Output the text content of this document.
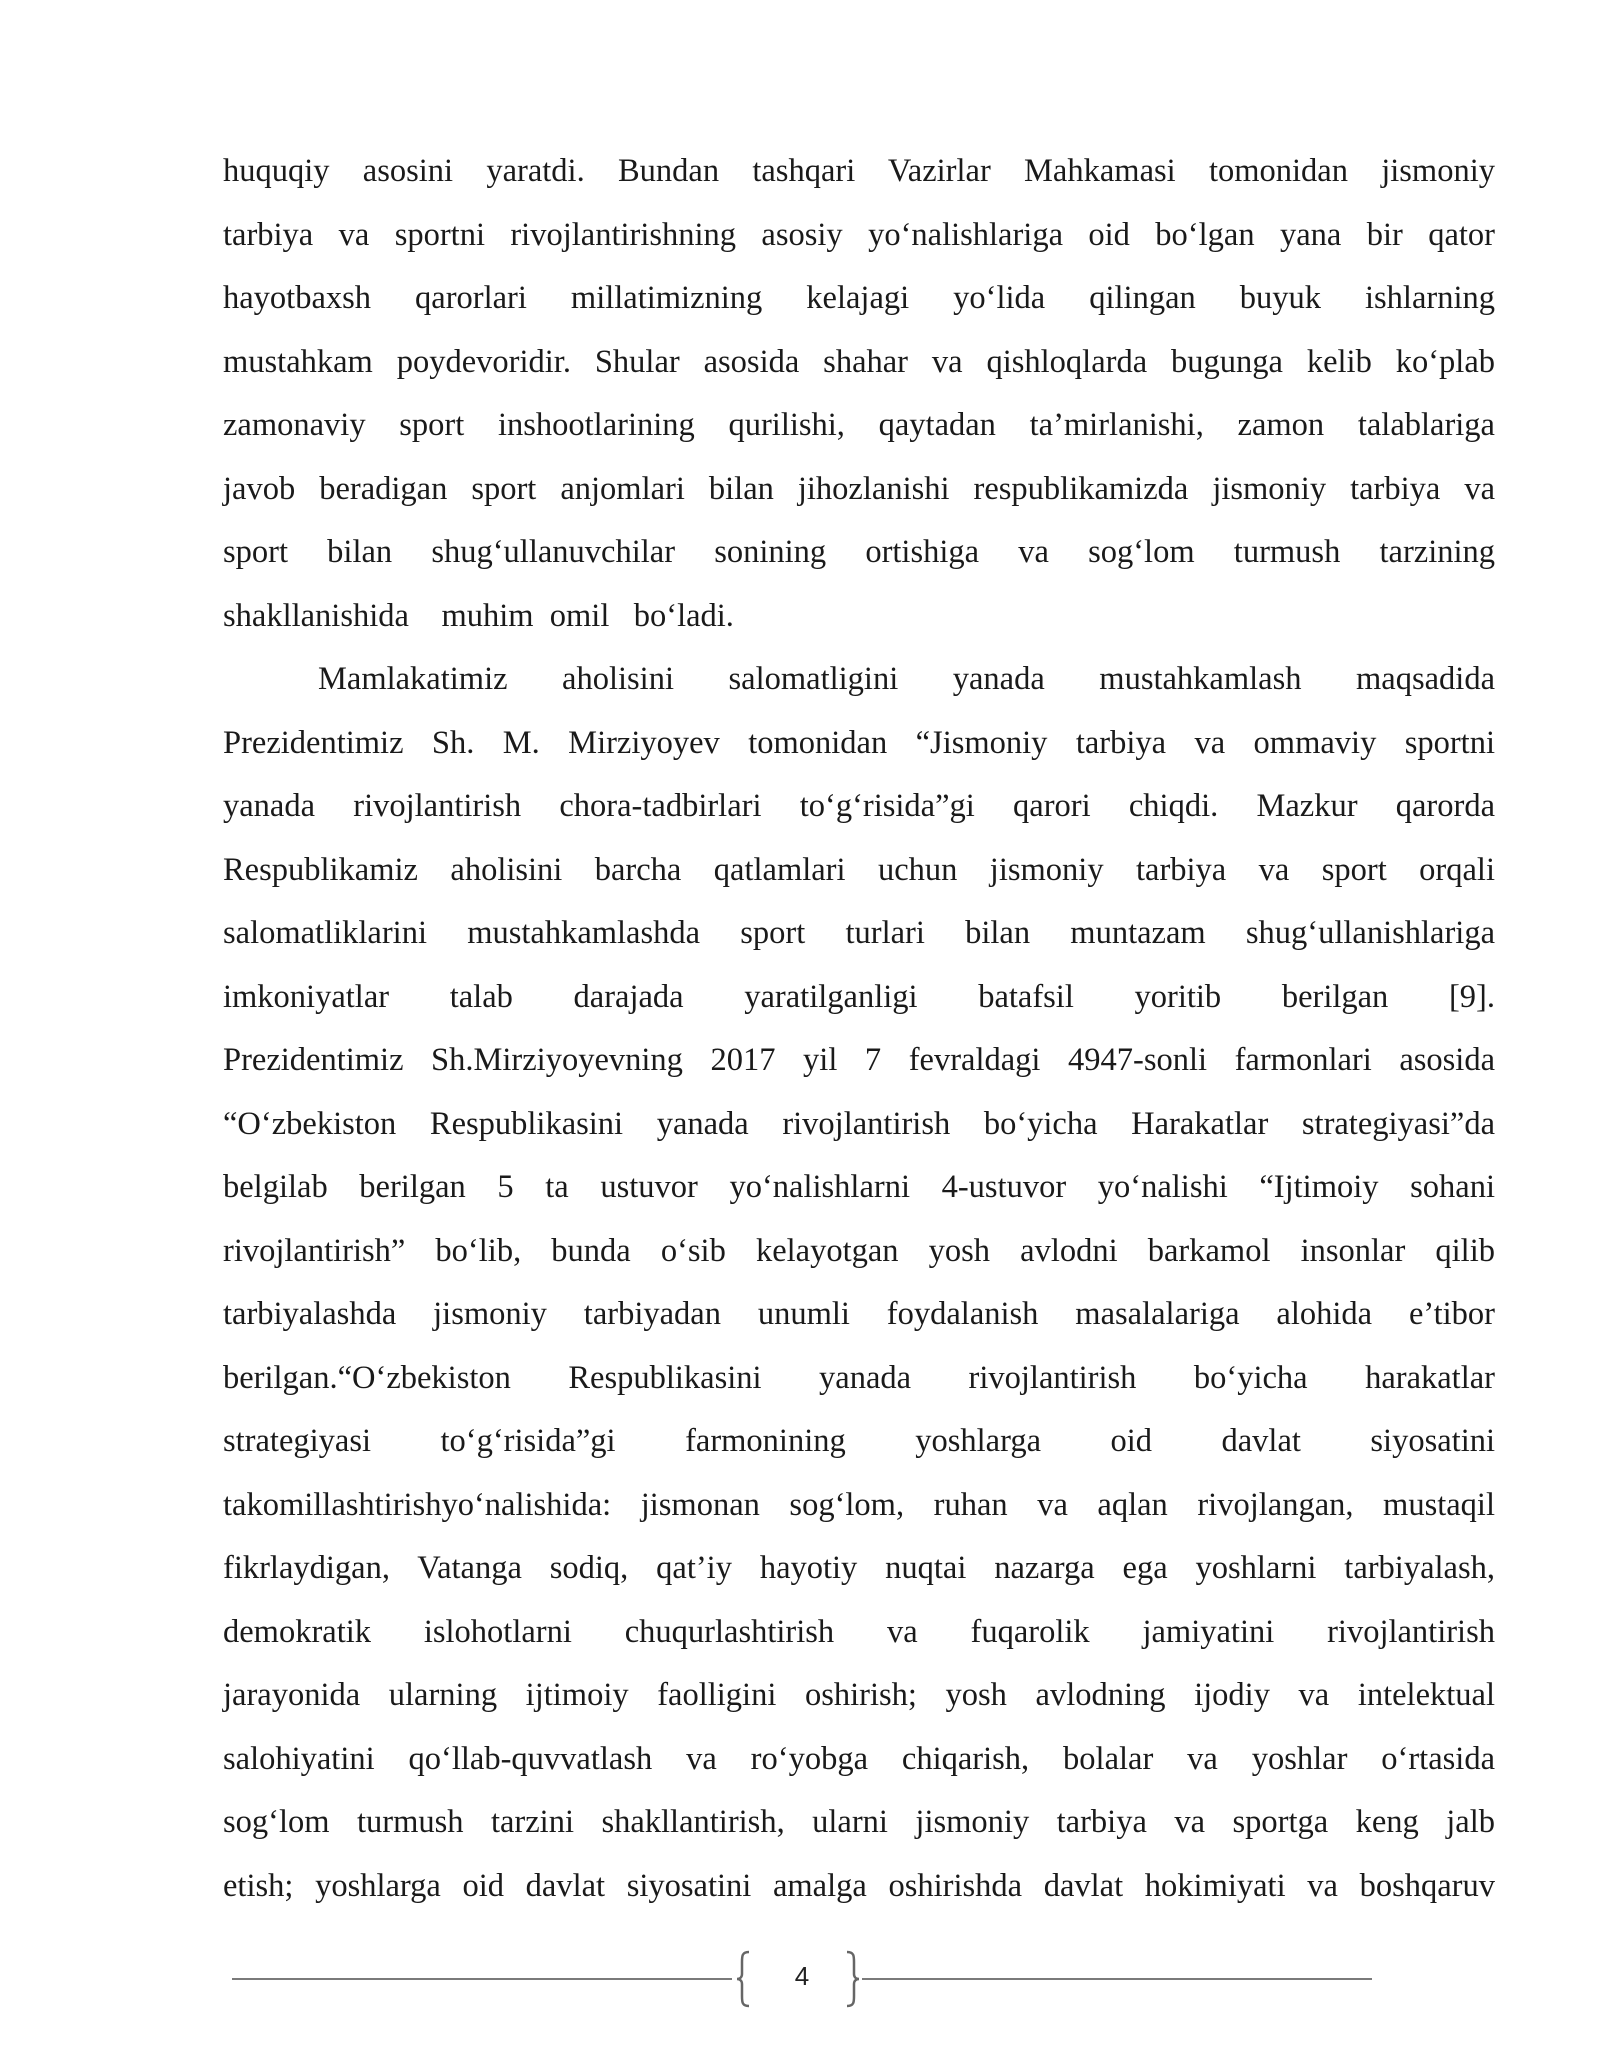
huquqiy asosini yaratdi. Bundan tashqari Vazirlar Mahkamasi tomonidan jismoniy
tarbiya va sportni rivojlantirishning asosiy yo‘nalishlariga oid bo‘lgan yana bir qator
hayotbaxsh qarorlari millatimizning kelajagi yo‘lida qilingan buyuk ishlarning
mustahkam poydevoridir. Shular asosida shahar va qishloqlarda bugunga kelib ko‘plab
zamonaviy sport inshootlarining qurilishi, qaytadan ta’mirlanishi, zamon talablariga
javob beradigan sport anjomlari bilan jihozlanishi respublikamizda jismoniy tarbiya va
sport bilan shug‘ullanuvchilar sonining ortishiga va sog‘lom turmush tarzining
shakllanishida    muhim  omil   bo‘ladi.
Mamlakatimiz aholisini salomatligini yanada mustahkamlash maqsadida
Prezidentimiz Sh. M. Mirziyoyev tomonidan “Jismoniy tarbiya va ommaviy sportni
yanada rivojlantirish chora-tadbirlari to‘g‘risida”gi qarori chiqdi. Mazkur qarorda
Respublikamiz aholisini barcha qatlamlari uchun jismoniy tarbiya va sport orqali
salomatliklarini mustahkamlashda sport turlari bilan muntazam shug‘ullanishlariga
imkoniyatlar talab darajada yaratilganligi batafsil yoritib berilgan [9].
Prezidentimiz Sh.Mirziyoyevning 2017 yil 7 fevraldagi 4947-sonli farmonlari asosida
“O‘zbekiston Respublikasini yanada rivojlantirish bo‘yicha Harakatlar strategiyasi”da
belgilab berilgan 5 ta ustuvor yo‘nalishlarni 4-ustuvor yo‘nalishi “Ijtimoiy sohani
rivojlantirish” bo‘lib, bunda o‘sib kelayotgan yosh avlodni barkamol insonlar qilib
tarbiyalashda jismoniy tarbiyadan unumli foydalanish masalalariga alohida e’tibor
berilgan.“O‘zbekiston Respublikasini yanada rivojlantirish bo‘yicha harakatlar
strategiyasi to‘g‘risida”gi farmonining yoshlarga oid davlat siyosatini
takomillashtirishyo‘nalishida: jismonan sog‘lom, ruhan va aqlan rivojlangan, mustaqil
fikrlaydigan, Vatanga sodiq, qat’iy hayotiy nuqtai nazarga ega yoshlarni tarbiyalash,
demokratik islohotlarni chuqurlashtirish va fuqarolik jamiyatini rivojlantirish
jarayonida ularning ijtimoiy faolligini oshirish; yosh avlodning ijodiy va intelektual
salohiyatini qo‘llab-quvvatlash va ro‘yobga chiqarish, bolalar va yoshlar o‘rtasida
sog‘lom turmush tarzini shakllantirish, ularni jismoniy tarbiya va sportga keng jalb
etish; yoshlarga oid davlat siyosatini amalga oshirishda davlat hokimiyati va boshqaruv
4
